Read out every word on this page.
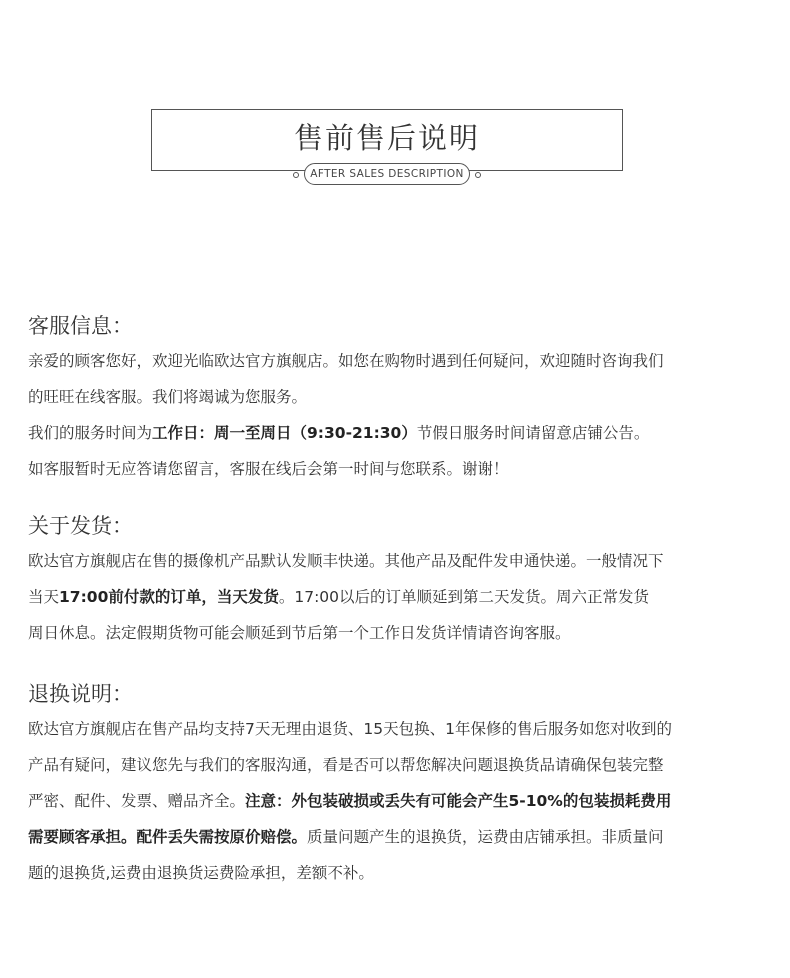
售前售后说明
AFTER SALES DESCRIPTION
客服信息：

亲爱的顾客您好，欢迎光临欧达官方旗舰店。如您在购物时遇到任何疑问，欢迎随时咨询我们

的旺旺在线客服。我们将竭诚为您服务。

我们的服务时间为工作日：周一至周日（9:30-21:30）节假日服务时间请留意店铺公告。

如客服暂时无应答请您留言，客服在线后会第一时间与您联系。谢谢！

关于发货：

欧达官方旗舰店在售的摄像机产品默认发顺丰快递。其他产品及配件发申通快递。一般情况下

当天17:00前付款的订单，当天发货。17:00以后的订单顺延到第二天发货。周六正常发货

周日休息。法定假期货物可能会顺延到节后第一个工作日发货详情请咨询客服。

退换说明：

欧达官方旗舰店在售产品均支持7天无理由退货、15天包换、1年保修的售后服务如您对收到的

产品有疑问，建议您先与我们的客服沟通，看是否可以帮您解决问题退换货品请确保包装完整

严密、配件、发票、赠品齐全。注意：外包装破损或丢失有可能会产生5-10%的包装损耗费用

需要顾客承担。配件丢失需按原价赔偿。质量问题产生的退换货，运费由店铺承担。非质量问

题的退换货,运费由退换货运费险承担，差额不补。
